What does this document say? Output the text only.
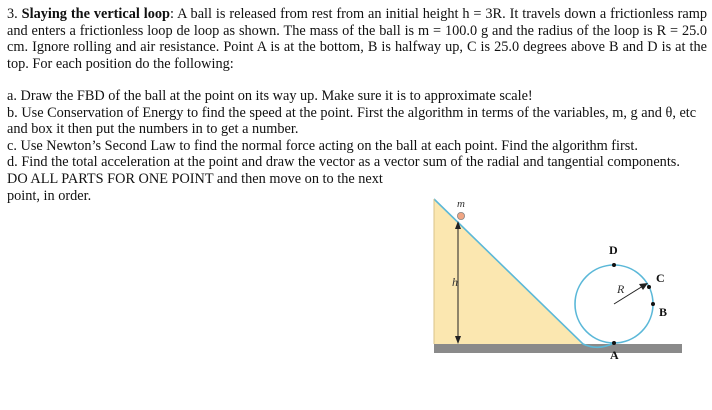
3. Slaying the vertical loop: A ball is released from rest from an initial height h = 3R. It travels down a frictionless ramp and enters a frictionless loop de loop as shown. The mass of the ball is m = 100.0 g and the radius of the loop is R = 25.0 cm. Ignore rolling and air resistance. Point A is at the bottom, B is halfway up, C is 25.0 degrees above B and D is at the top. For each position do the following:

a. Draw the FBD of the ball at the point on its way up. Make sure it is to approximate scale!

b. Use Conservation of Energy to find the speed at the point. First the algorithm in terms of the variables, m, g and θ, etc and box it then put the numbers in to get a number.

c. Use Newton’s Second Law to find the normal force acting on the ball at each point. Find the algorithm first.

d. Find the total acceleration at the point and draw the vector as a vector sum of the radial and tangential components.

DO ALL PARTS FOR ONE POINT and then move on to the next

point, in order.

h
m
R
D
C
B
A
